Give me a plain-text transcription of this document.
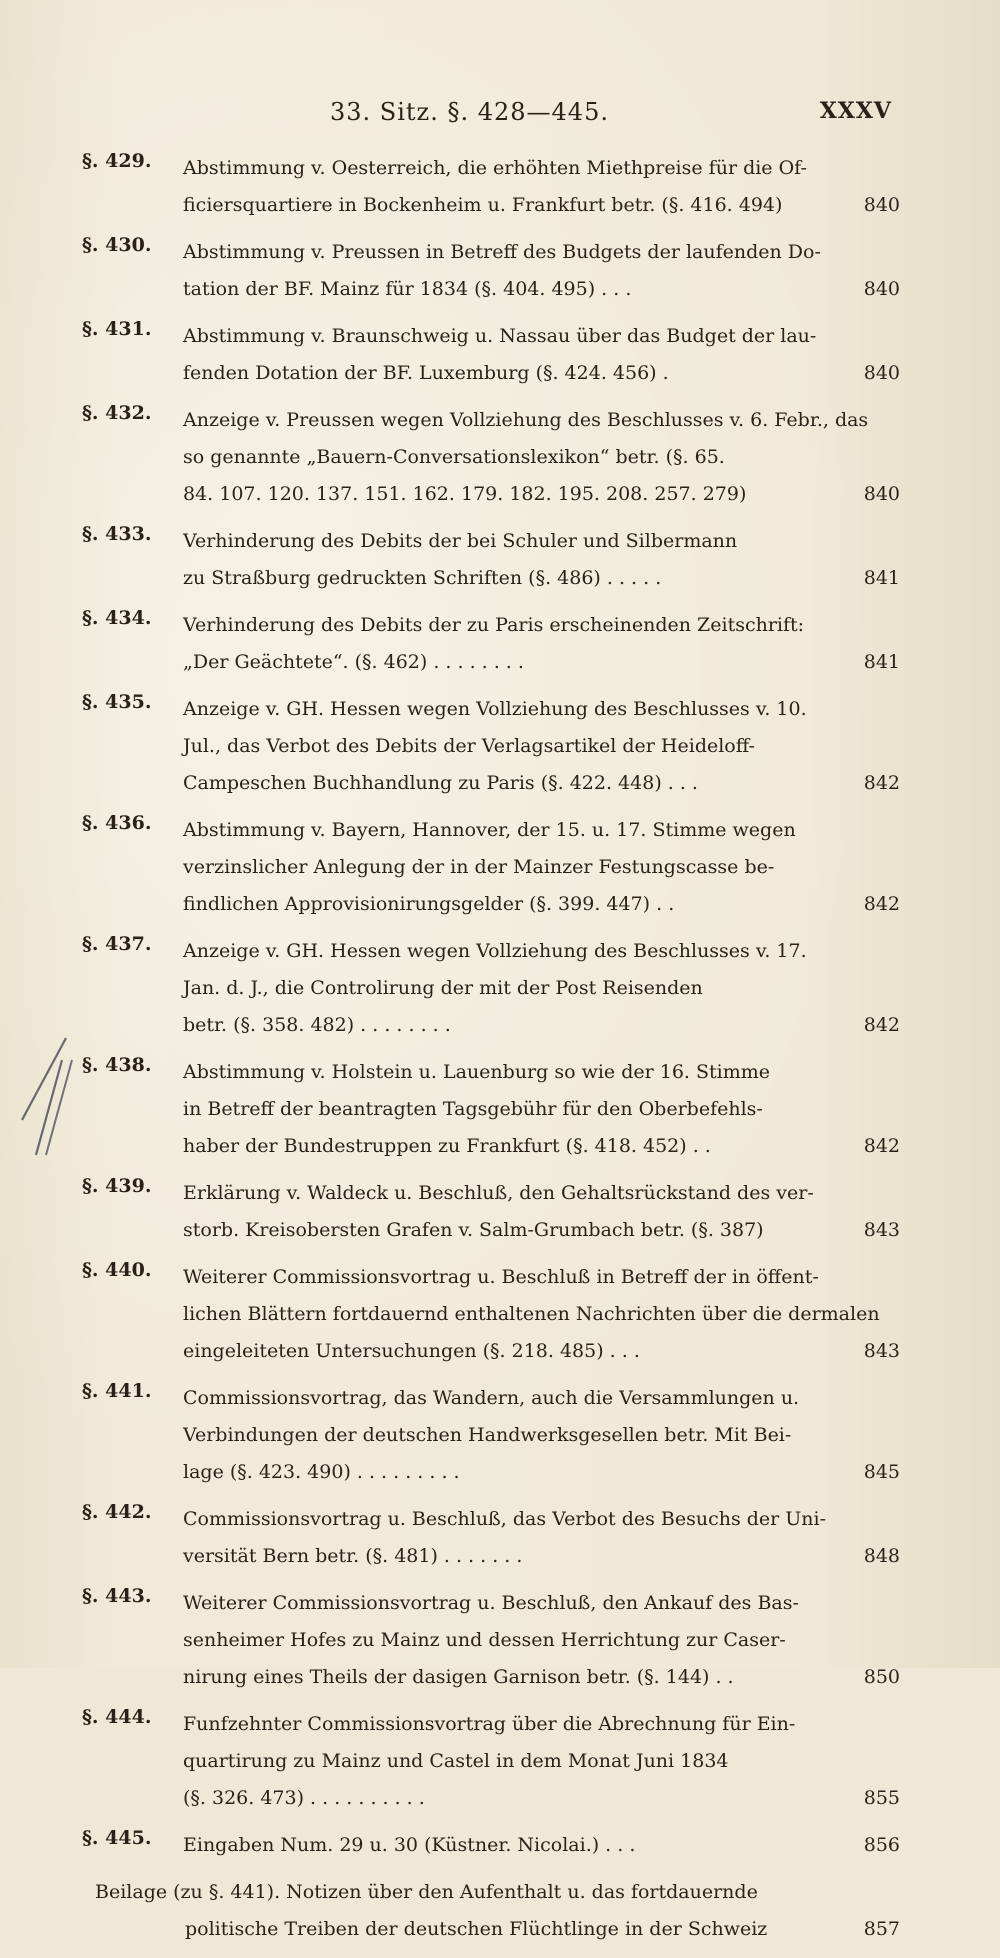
33. Sitz. §. 428—445.	XXXV
§. 429.	Abstimmung v. Oesterreich, die erhöhten Miethpreise für die Of-
ficiersquartiere in Bockenheim u. Frankfurt betr. (§. 416. 494)	840
§. 430.	Abstimmung v. Preussen in Betreff des Budgets der laufenden Do-
tation der BF. Mainz für 1834 (§. 404. 495) . . .	840
§. 431.	Abstimmung v. Braunschweig u. Nassau über das Budget der lau-
fenden Dotation der BF. Luxemburg (§. 424. 456) .	840
§. 432.	Anzeige v. Preussen wegen Vollziehung des Beschlusses v. 6. Febr., das
so genannte „Bauern-Conversationslexikon“ betr. (§. 65.
84. 107. 120. 137. 151. 162. 179. 182. 195. 208. 257. 279)	840
§. 433.	Verhinderung des Debits der bei Schuler und Silbermann
zu Straßburg gedruckten Schriften (§. 486) . . . . .	841
§. 434.	Verhinderung des Debits der zu Paris erscheinenden Zeitschrift:
„Der Geächtete“. (§. 462) . . . . . . . .	841
§. 435.	Anzeige v. GH. Hessen wegen Vollziehung des Beschlusses v. 10.
Jul., das Verbot des Debits der Verlagsartikel der Heideloff-
Campeschen Buchhandlung zu Paris (§. 422. 448) . . .	842
§. 436.	Abstimmung v. Bayern, Hannover, der 15. u. 17. Stimme wegen
verzinslicher Anlegung der in der Mainzer Festungscasse be-
findlichen Approvisionirungsgelder (§. 399. 447) . .	842
§. 437.	Anzeige v. GH. Hessen wegen Vollziehung des Beschlusses v. 17.
Jan. d. J., die Controlirung der mit der Post Reisenden
betr. (§. 358. 482) . . . . . . . .	842
§. 438.	Abstimmung v. Holstein u. Lauenburg so wie der 16. Stimme
in Betreff der beantragten Tagsgebühr für den Oberbefehls-
haber der Bundestruppen zu Frankfurt (§. 418. 452) . .	842
§. 439.	Erklärung v. Waldeck u. Beschluß, den Gehaltsrückstand des ver-
storb. Kreisobersten Grafen v. Salm-Grumbach betr. (§. 387)	843
§. 440.	Weiterer Commissionsvortrag u. Beschluß in Betreff der in öffent-
lichen Blättern fortdauernd enthaltenen Nachrichten über die dermalen
eingeleiteten Untersuchungen (§. 218. 485) . . .	843
§. 441.	Commissionsvortrag, das Wandern, auch die Versammlungen u.
Verbindungen der deutschen Handwerksgesellen betr. Mit Bei-
lage (§. 423. 490) . . . . . . . . .	845
§. 442.	Commissionsvortrag u. Beschluß, das Verbot des Besuchs der Uni-
versität Bern betr. (§. 481) . . . . . . .	848
§. 443.	Weiterer Commissionsvortrag u. Beschluß, den Ankauf des Bas-
senheimer Hofes zu Mainz und dessen Herrichtung zur Caser-
nirung eines Theils der dasigen Garnison betr. (§. 144) . .	850
§. 444.	Funfzehnter Commissionsvortrag über die Abrechnung für Ein-
quartirung zu Mainz und Castel in dem Monat Juni 1834
(§. 326. 473) . . . . . . . . . .	855
§. 445.	Eingaben Num. 29 u. 30 (Küstner. Nicolai.) . . .	856
Beilage (zu §. 441). Notizen über den Aufenthalt u. das fortdauernde
politische Treiben der deutschen Flüchtlinge in der Schweiz	857
